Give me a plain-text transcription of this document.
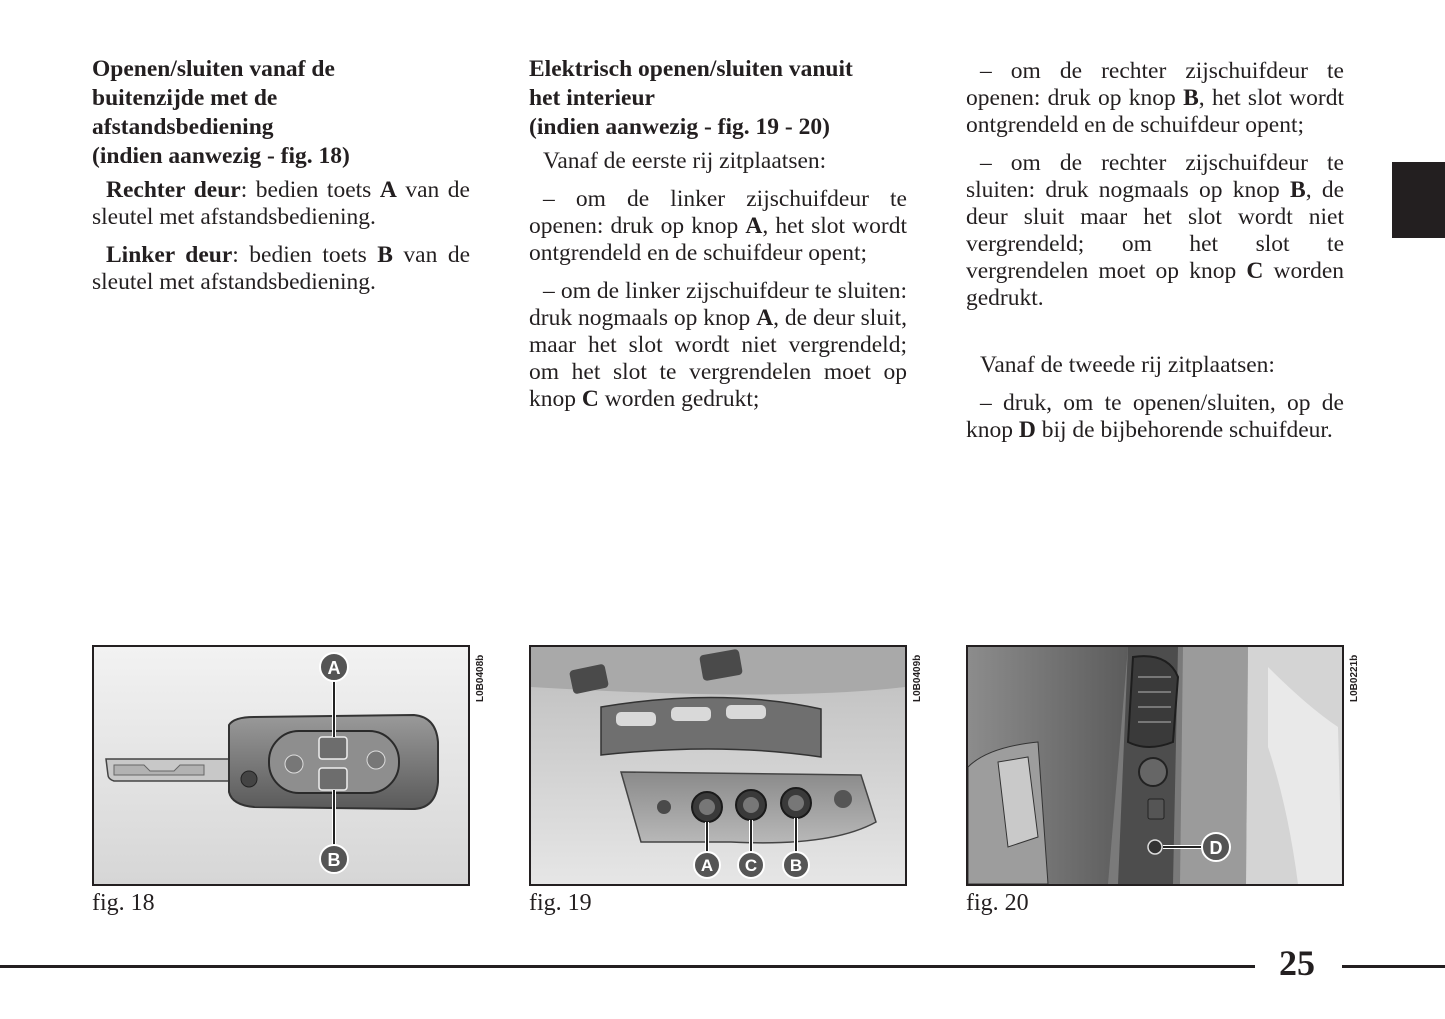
Openen/sluiten vanaf de
buitenzijde met de
afstandsbediening
(indien aanwezig - fig. 18)

Rechter deur: bedien toets A van de sleutel met afstandsbediening.

Linker deur: bedien toets B van de sleutel met afstandsbediening.

Elektrisch openen/sluiten vanuit
het interieur
(indien aanwezig - fig. 19 - 20)

Vanaf de eerste rij zitplaatsen:

– om de linker zijschuifdeur te openen: druk op knop A, het slot wordt ontgrendeld en de schuifdeur opent;

– om de linker zijschuifdeur te sluiten: druk nogmaals op knop A, de deur sluit, maar het slot wordt niet vergrendeld; om het slot te vergrendelen moet op knop C worden gedrukt;

– om de rechter zijschuifdeur te openen: druk op knop B, het slot wordt ontgrendeld en de schuifdeur opent;

– om de rechter zijschuifdeur te sluiten: druk nogmaals op knop B, de deur sluit maar het slot wordt niet vergrendeld; om het slot te vergrendelen moet op knop C worden gedrukt.

Vanaf de tweede rij zitplaatsen:

– druk, om te openen/sluiten, op de knop D bij de bijbehorende schuifdeur.

A
B
L0B0408b
fig. 18
A C B
L0B0409b
fig. 19
D
L0B0221b
fig. 20
25
